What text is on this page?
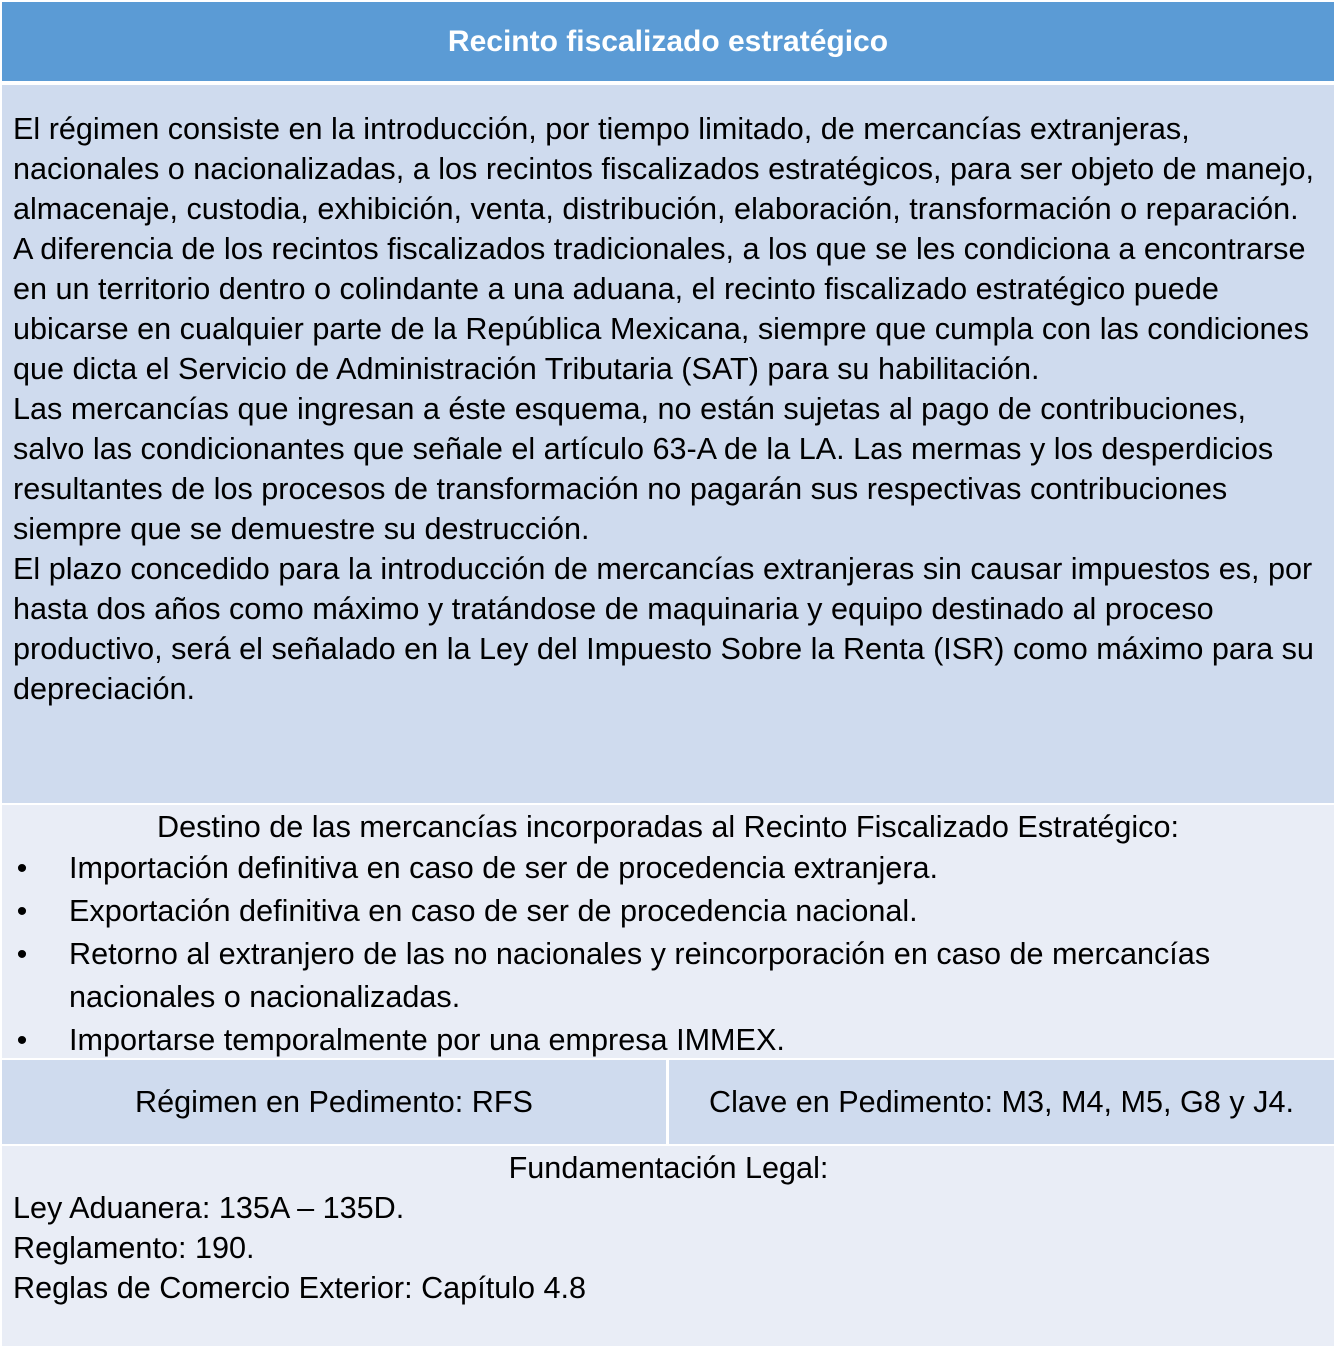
Recinto fiscalizado estratégico

El régimen consiste en la introducción, por tiempo limitado, de mercancías extranjeras, nacionales o nacionalizadas, a los recintos fiscalizados estratégicos, para ser objeto de manejo, almacenaje, custodia, exhibición, venta, distribución, elaboración, transformación o reparación.

A diferencia de los recintos fiscalizados tradicionales, a los que se les condiciona a encontrarse en un territorio dentro o colindante a una aduana, el recinto fiscalizado estratégico puede ubicarse en cualquier parte de la República Mexicana, siempre que cumpla con las condiciones que dicta el Servicio de Administración Tributaria (SAT) para su habilitación.

Las mercancías que ingresan a éste esquema, no están sujetas al pago de contribuciones, salvo las condicionantes que señale el artículo 63-A de la LA. Las mermas y los desperdicios resultantes de los procesos de transformación no pagarán sus respectivas contribuciones siempre que se demuestre su destrucción.

El plazo concedido para la introducción de mercancías extranjeras sin causar impuestos es, por hasta dos años como máximo y tratándose de maquinaria y equipo destinado al proceso productivo, será el señalado en la Ley del Impuesto Sobre la Renta (ISR) como máximo para su depreciación.

Destino de las mercancías incorporadas al Recinto Fiscalizado Estratégico:
• Importación definitiva en caso de ser de procedencia extranjera.
• Exportación definitiva en caso de ser de procedencia nacional.
• Retorno al extranjero de las no nacionales y reincorporación en caso de mercancías nacionales o nacionalizadas.
• Importarse temporalmente por una empresa IMMEX.
Régimen en Pedimento: RFS	Clave en Pedimento: M3, M4, M5, G8 y J4.
Fundamentación Legal:
Ley Aduanera: 135A – 135D.
Reglamento: 190.
Reglas de Comercio Exterior: Capítulo 4.8
